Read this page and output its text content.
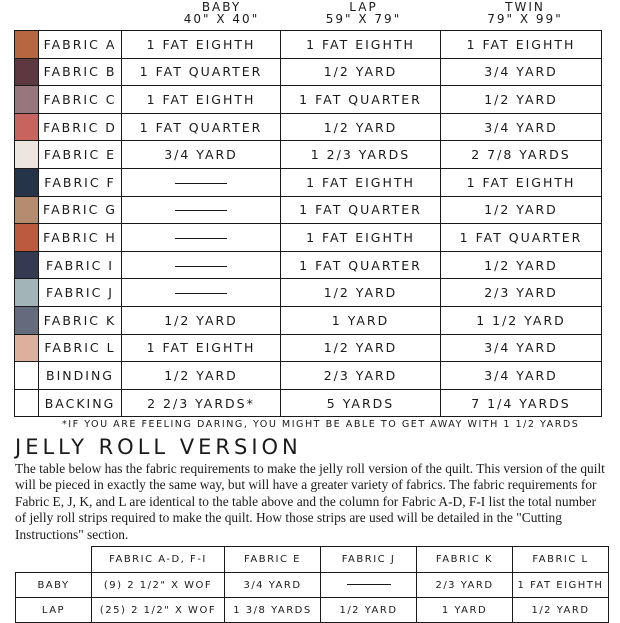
BABY
40" X 40"
LAP
59" X 79"
TWIN
79" X 99"
	FABRIC A	1 FAT EIGHTH	1 FAT EIGHTH	1 FAT EIGHTH
	FABRIC B	1 FAT QUARTER	1/2 YARD	3/4 YARD
	FABRIC C	1 FAT EIGHTH	1 FAT QUARTER	1/2 YARD
	FABRIC D	1 FAT QUARTER	1/2 YARD	3/4 YARD
	FABRIC E	3/4 YARD	1 2/3 YARDS	2 7/8 YARDS
	FABRIC F		1 FAT EIGHTH	1 FAT EIGHTH
	FABRIC G		1 FAT QUARTER	1/2 YARD
	FABRIC H		1 FAT EIGHTH	1 FAT QUARTER
	FABRIC I		1 FAT QUARTER	1/2 YARD
	FABRIC J		1/2 YARD	2/3 YARD
	FABRIC K	1/2 YARD	1 YARD	1 1/2 YARD
	FABRIC L	1 FAT EIGHTH	1/2 YARD	3/4 YARD
	BINDING	1/2 YARD	2/3 YARD	3/4 YARD
	BACKING	2 2/3 YARDS*	5 YARDS	7 1/4 YARDS
*IF YOU ARE FEELING DARING, YOU MIGHT BE ABLE TO GET AWAY WITH 1 1/2 YARDS
JELLY ROLL VERSION

The table below has the fabric requirements to make the jelly roll version of the quilt. This version of the quilt will be pieced in exactly the same way, but will have a greater variety of fabrics. The fabric requirements for Fabric E, J, K, and L are identical to the table above and the column for Fabric A-D, F-I list the total number of jelly roll strips required to make the quilt. How those strips are used will be detailed in the "Cutting Instructions" section.

	FABRIC A-D, F-I	FABRIC E	FABRIC J	FABRIC K	FABRIC L
BABY	(9) 2 1/2" X WOF	3/4 YARD		2/3 YARD	1 FAT EIGHTH
LAP	(25) 2 1/2" X WOF	1 3/8 YARDS	1/2 YARD	1 YARD	1/2 YARD
